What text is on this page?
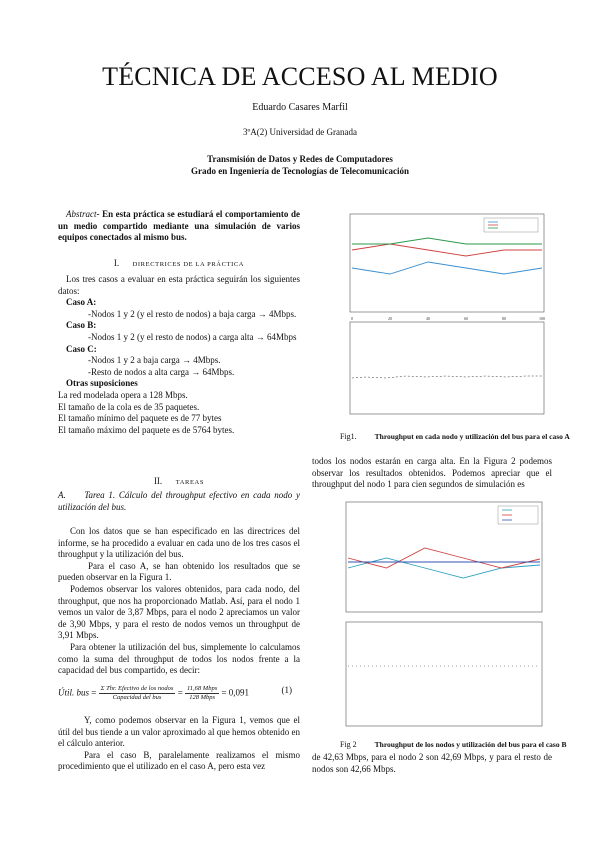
TÉCNICA DE ACCESO AL MEDIO
Eduardo Casares Marfil
3ºA(2) Universidad de Granada
Transmisión de Datos y Redes de Computadores
Grado en Ingeniería de Tecnologías de Telecomunicación
Abstract- En esta práctica se estudiará el comportamiento de un medio compartido mediante una simulación de varios equipos conectados al mismo bus.
I. DIRECTRICES DE LA PRÁCTICA
Los tres casos a evaluar en esta práctica seguirán los siguientes datos:
Caso A:
-Nodos 1 y 2 (y el resto de nodos) a baja carga → 4Mbps.
Caso B:
-Nodos 1 y 2 (y el resto de nodos) a carga alta → 64Mbps
Caso C:
-Nodos 1 y 2 a baja carga → 4Mbps.
-Resto de nodos a alta carga → 64Mbps.
Otras suposiciones
La red modelada opera a 128 Mbps.
El tamaño de la cola es de 35 paquetes.
El tamaño mínimo del paquete es de 77 bytes
El tamaño máximo del paquete es de 5764 bytes.
II. TAREAS
A. Tarea 1. Cálculo del throughput efectivo en cada nodo y utilización del bus.
Con los datos que se han especificado en las directrices del informe, se ha procedido a evaluar en cada uno de los tres casos el throughput y la utilización del bus.
Para el caso A, se han obtenido los resultados que se pueden observar en la Figura 1.
Podemos observar los valores obtenidos, para cada nodo, del throughput, que nos ha proporcionado Matlab. Así, para el nodo 1 vemos un valor de 3,87 Mbps, para el nodo 2 apreciamos un valor de 3,90 Mbps, y para el resto de nodos vemos un throughput de 3,91 Mbps.
Para obtener la utilización del bus, simplemente lo calculamos como la suma del throughput de todos los nodos frente a la capacidad del bus compartido, es decir:
Útil. bus = $\frac{\text{Σ Thr. Efectivo de los nodos}}{\text{Capacidad del bus}} = \frac{\text{11,68 Mbps}}{\text{128 Mbps}} = 0,091$	(1)
Y, como podemos observar en la Figura 1, vemos que el útil del bus tiende a un valor aproximado al que hemos obtenido en el cálculo anterior.
Para el caso B, paralelamente realizamos el mismo procedimiento que el utilizado en el caso A, pero esta vez
0	20	40	60	80	100
Fig1. Throughput en cada nodo y utilización del bus para el caso A
todos los nodos estarán en carga alta. En la Figura 2 podemos observar los resultados obtenidos. Podemos apreciar que el throughput del nodo 1 para cien segundos de simulación es
Fig 2 Throughput de los nodos y utilización del bus para el caso B
de 42,63 Mbps, para el nodo 2 son 42,69 Mbps, y para el resto de nodos son 42,66 Mbps.
